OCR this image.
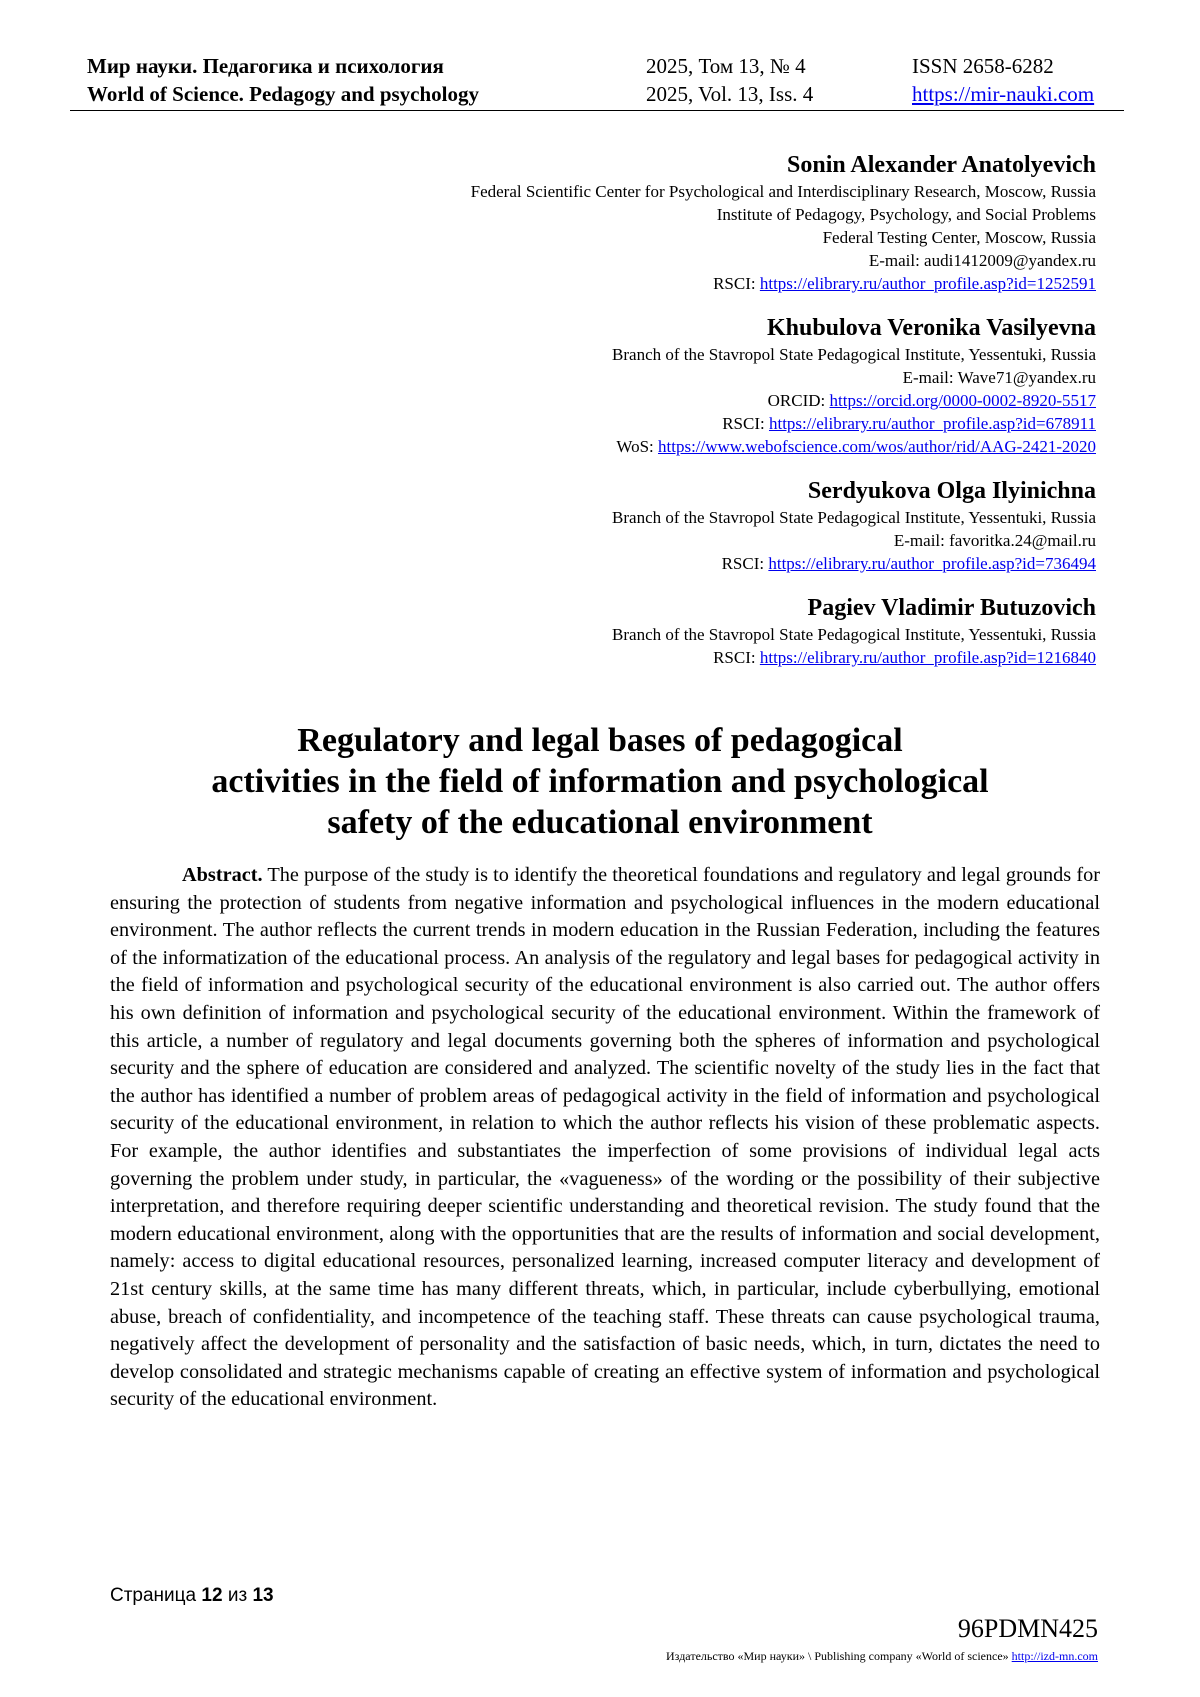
Мир науки. Педагогика и психология	2025, Том 13, № 4	ISSN 2658-6282
World of Science. Pedagogy and psychology	2025, Vol. 13, Iss. 4	https://mir-nauki.com
Sonin Alexander Anatolyevich
Federal Scientific Center for Psychological and Interdisciplinary Research, Moscow, Russia
Institute of Pedagogy, Psychology, and Social Problems
Federal Testing Center, Moscow, Russia
E-mail: audi1412009@yandex.ru
RSCI: https://elibrary.ru/author_profile.asp?id=1252591
Khubulova Veronika Vasilyevna
Branch of the Stavropol State Pedagogical Institute, Yessentuki, Russia
E-mail: Wave71@yandex.ru
ORCID: https://orcid.org/0000-0002-8920-5517
RSCI: https://elibrary.ru/author_profile.asp?id=678911
WoS: https://www.webofscience.com/wos/author/rid/AAG-2421-2020
Serdyukova Olga Ilyinichna
Branch of the Stavropol State Pedagogical Institute, Yessentuki, Russia
E-mail: favoritka.24@mail.ru
RSCI: https://elibrary.ru/author_profile.asp?id=736494
Pagiev Vladimir Butuzovich
Branch of the Stavropol State Pedagogical Institute, Yessentuki, Russia
RSCI: https://elibrary.ru/author_profile.asp?id=1216840
Regulatory and legal bases of pedagogical
activities in the field of information and psychological
safety of the educational environment
Abstract. The purpose of the study is to identify the theoretical foundations and regulatory and legal grounds for ensuring the protection of students from negative information and psychological influences in the modern educational environment. The author reflects the current trends in modern education in the Russian Federation, including the features of the informatization of the educational process. An analysis of the regulatory and legal bases for pedagogical activity in the field of information and psychological security of the educational environment is also carried out. The author offers his own definition of information and psychological security of the educational environment. Within the framework of this article, a number of regulatory and legal documents governing both the spheres of information and psychological security and the sphere of education are considered and analyzed. The scientific novelty of the study lies in the fact that the author has identified a number of problem areas of pedagogical activity in the field of information and psychological security of the educational environment, in relation to which the author reflects his vision of these problematic aspects. For example, the author identifies and substantiates the imperfection of some provisions of individual legal acts governing the problem under study, in particular, the «vagueness» of the wording or the possibility of their subjective interpretation, and therefore requiring deeper scientific understanding and theoretical revision. The study found that the modern educational environment, along with the opportunities that are the results of information and social development, namely: access to digital educational resources, personalized learning, increased computer literacy and development of 21st century skills, at the same time has many different threats, which, in particular, include cyberbullying, emotional abuse, breach of confidentiality, and incompetence of the teaching staff. These threats can cause psychological trauma, negatively affect the development of personality and the satisfaction of basic needs, which, in turn, dictates the need to develop consolidated and strategic mechanisms capable of creating an effective system of information and psychological security of the educational environment.
Страница 12 из 13
96PDMN425
Издательство «Мир науки» \ Publishing company «World of science» http://izd-mn.com
